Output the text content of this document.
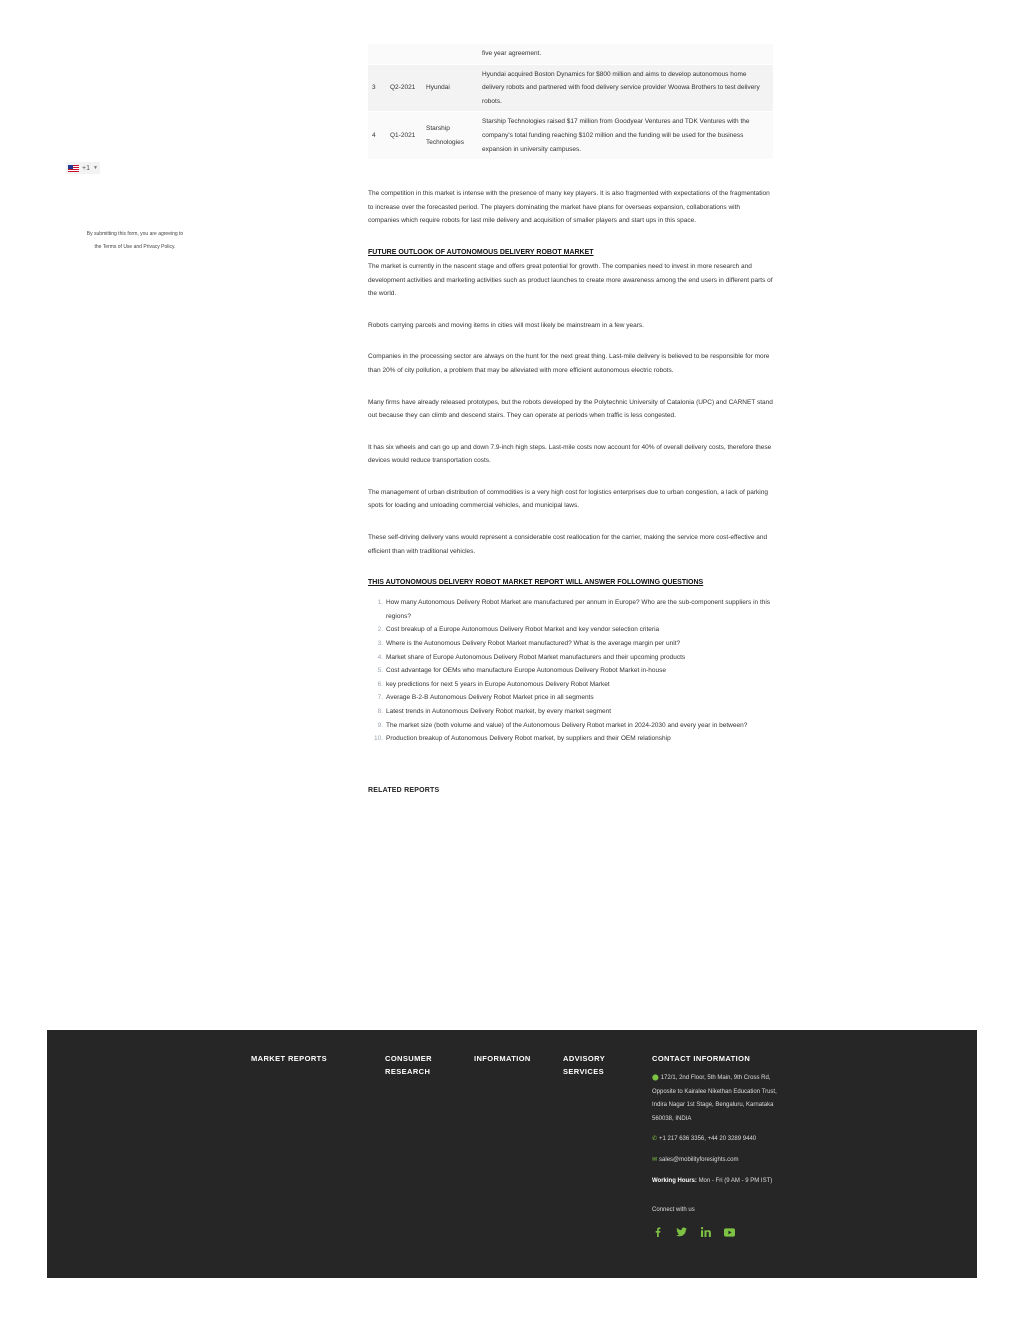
+1 ▼
By submitting this form, you are agreeing to
the Terms of Use and Privacy Policy.
			five year agreement.
3	Q2-2021	Hyundai	Hyundai acquired Boston Dynamics for $800 million and aims to develop autonomous home delivery robots and partnered with food delivery service provider Woowa Brothers to test delivery robots.
4	Q1-2021	Starship Technologies	Starship Technologies raised $17 million from Goodyear Ventures and TDK Ventures with the company's total funding reaching $102 million and the funding will be used for the business expansion in university campuses.

The competition in this market is intense with the presence of many key players. It is also fragmented with expectations of the fragmentation to increase over the forecasted period. The players dominating the market have plans for overseas expansion, collaborations with companies which require robots for last mile delivery and acquisition of smaller players and start ups in this space.

FUTURE OUTLOOK OF AUTONOMOUS DELIVERY ROBOT MARKET

The market is currently in the nascent stage and offers great potential for growth. The companies need to invest in more research and development activities and marketing activities such as product launches to create more awareness among the end users in different parts of the world.

Robots carrying parcels and moving items in cities will most likely be mainstream in a few years.

Companies in the processing sector are always on the hunt for the next great thing. Last-mile delivery is believed to be responsible for more than 20% of city pollution, a problem that may be alleviated with more efficient autonomous electric robots.

Many firms have already released prototypes, but the robots developed by the Polytechnic University of Catalonia (UPC) and CARNET stand out because they can climb and descend stairs. They can operate at periods when traffic is less congested.

It has six wheels and can go up and down 7.9-inch high steps. Last-mile costs now account for 40% of overall delivery costs, therefore these devices would reduce transportation costs.

The management of urban distribution of commodities is a very high cost for logistics enterprises due to urban congestion, a lack of parking spots for loading and unloading commercial vehicles, and municipal laws.

These self-driving delivery vans would represent a considerable cost reallocation for the carrier, making the service more cost-effective and efficient than with traditional vehicles.

THIS AUTONOMOUS DELIVERY ROBOT MARKET REPORT WILL ANSWER FOLLOWING QUESTIONS
How many Autonomous Delivery Robot Market are manufactured per annum in Europe? Who are the sub-component suppliers in this regions?
Cost breakup of a Europe Autonomous Delivery Robot Market and key vendor selection criteria
Where is the Autonomous Delivery Robot Market manufactured? What is the average margin per unit?
Market share of Europe Autonomous Delivery Robot Market manufacturers and their upcoming products
Cost advantage for OEMs who manufacture Europe Autonomous Delivery Robot Market in-house
key predictions for next 5 years in Europe Autonomous Delivery Robot Market
Average B-2-B Autonomous Delivery Robot Market price in all segments
Latest trends in Autonomous Delivery Robot market, by every market segment
The market size (both volume and value) of the Autonomous Delivery Robot market in 2024-2030 and every year in between?
Production breakup of Autonomous Delivery Robot market, by suppliers and their OEM relationship
RELATED REPORTS
MARKET REPORTS	CONSUMER RESEARCH
INFORMATION	ADVISORY SERVICES
CONTACT INFORMATION
⬤ 172/1, 2nd Floor, 5th Main, 9th Cross Rd, Opposite to Kairalee Nikethan Education Trust, Indira Nagar 1st Stage, Bengaluru, Karnataka 560038, INDIA
✆ +1 217 636 3356, +44 20 3289 9440
✉ sales@mobilityforesights.com
Working Hours: Mon - Fri (9 AM - 9 PM IST)
Connect with us
